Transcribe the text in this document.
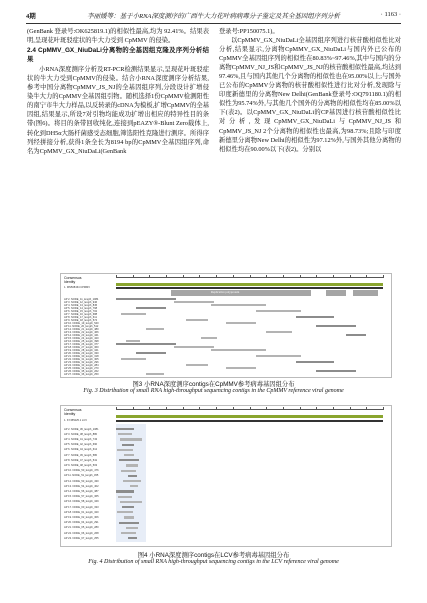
4期	李丽媛等：基于小RNA深度测序的广西牛大力花叶病病毒分子鉴定及其全基因组序列分析	· 1163 ·

(GenBank 登录号:OK625819.1)的相似性最高,均为 92.41%。结果表明,呈现花叶斑驳症状的牛大力受到 CpMMV 的侵染。

2.4 CpMMV_GX_NiuDaLi分离物的全基因组克隆及序列分析结果

小RNA深度测序分析及RT-PCR检测结果显示,呈现花叶斑驳症状的牛大力受到CpMMV的侵染。结合小RNA深度测序分析结果,参考中国分离物CpMMV_JS_NJ的全基因组序列,分段设计扩增侵染牛大力的CpMMV全基因组引物。随机选择1份CpMMV检测阳性的南宁市牛大力样品,以反转录的cDNA为模板,扩增CpMMV的全基因组,结果显示,所设7对引物均能成功扩增出相应的特异性目的条带(图6)。将目的条带回收纯化,连接到pEAZY®-Blunt Zero载体上,转化到DH5α大肠杆菌感受态细胞,筛选阳性克隆进行测序。所得序列经拼接分析,获得1条全长为8194 bp的CpMMV全基因组序列,命名为CpMMV_GX_NiuDaLi(GenBank

登录号:PP150075.1)。

以CpMMV_GX_NiuDaLi全基因组序列进行核苷酸相似性比对分析,结果显示,分离物CpMMV_GX_NiuDaLi与国内外已公布的CpMMV全基因组序列的相似性在80.83%~97.46%,其中与国内的分离物CpMMV_NJ_JS和CpMMV_JS_NJ的核苷酸相似性最高,均达到97.46%,且与国内其他几个分离物的相似性也在95.00%以上;与国外已公布的CpMMV分离物的核苷酸相似性进行比对分析,发现除与印度新德里的分离物New Delhi(GenBank登录号:OQ791180.1)的相似性为95.74%外,与其他几个国外的分离物的相似性均在85.00%以下(表2)。以CpMMV_GX_NiuDaLi的CP基因进行核苷酸相似性比对分析,发现CpMMV_GX_NiuDaLi与CpMMV_NJ_JS和CpMMV_JS_NJ 2个分离物的相似性也最高,为98.73%;且除与印度新德里分离物New Delhi的相似性为97.12%外,与国外其他分离物的相似性均在90.00%以下(表2)。分别以

Consensus
Identity
1. MN508464 CPMMV
Replicative polyprotein
AP 2. NODE_11_length_1084
AP 3. NODE_12_length_946
AP 4. NODE_13_length_845
AP 5. NODE_14_length_768
AP 6. NODE_15_length_702
AP 7. NODE_16_length_688
AP 8. NODE_17_length_611
AP 9. NODE_18_length_574
AP 10. NODE_19_length_540
AP 11. NODE_20_length_512
AP 12. NODE_21_length_480
AP 13. NODE_22_length_466
AP 14. NODE_23_length_441
AP 15. NODE_24_length_420
AP 16. NODE_25_length_398
AP 17. NODE_26_length_377
AP 18. NODE_27_length_360
AP 19. NODE_28_length_341
AP 20. NODE_29_length_330
AP 21. NODE_30_length_318
AP 22. NODE_31_length_305
AP 23. NODE_32_length_296
AP 24. NODE_33_length_284
AP 25. NODE_34_length_270
AP 26. NODE_35_length_262
AP 27. NODE_36_length_250
图3 小RNA深度测序contigs在CpMMV参考病毒基因组分布
Fig. 3 Distribution of small RNA high-throughput sequencing contigs in the CpMMV reference viral genome
Consensus
Identity
1. KY455225.1 LCV
AP 2. NODE_36_length_1081
AP 3. NODE_38_length_880
AP 4. NODE_41_length_743
AP 5. NODE_42_length_690
AP 6. NODE_44_length_612
AP 7. NODE_45_length_580
AP 8. NODE_47_length_541
AP 9. NODE_48_length_503
AP 10. NODE_50_length_476
AP 11. NODE_51_length_455
AP 12. NODE_53_length_430
AP 13. NODE_54_length_402
AP 14. NODE_56_length_387
AP 15. NODE_57_length_365
AP 16. NODE_58_length_349
AP 17. NODE_60_length_333
AP 18. NODE_61_length_320
AP 19. NODE_62_length_306
AP 20. NODE_64_length_291
AP 21. NODE_65_length_280
AP 22. NODE_66_length_268
AP 23. NODE_67_length_255
图4 小RNA深度测序contigs在LCV参考病毒基因组分布
Fig. 4 Distribution of small RNA high-throughput sequencing contigs in the LCV reference viral genome
